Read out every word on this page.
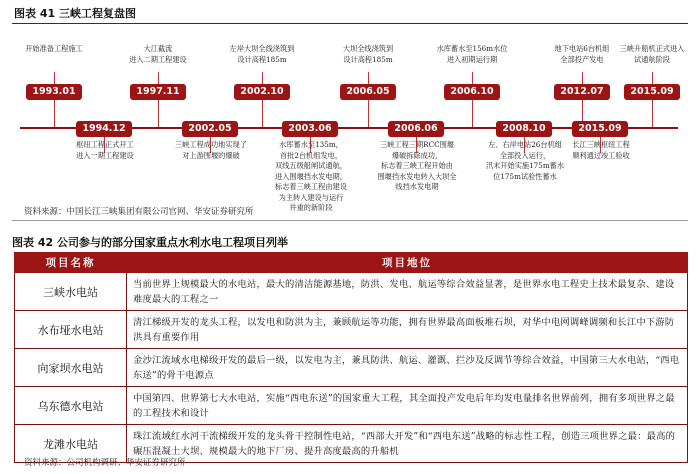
图表 41 三峡工程复盘图
开始准备工程施工
1993.01
大江截流
进入二期工程建设
1997.11
左岸大坝全线浇筑到
设计高程185m
2002.10
大坝全线浇筑到
设计高程185m
2006.05
水库蓄水至156m水位
进入初期运行期
2006.10
地下电站6台机组
全部投产发电
2012.07
三峡升船机正式进入
试通航阶段
2015.09
1994.12
枢纽工程正式开工
进入一期工程建设
2002.05
三峡工程成功地实现了
对上游围堰的爆破
2003.06
水库蓄水至135m，
首批2台机组发电，
双线五级船闸试通航，
进入围堰挡水发电期，
标志着三峡工程由建设
为主转入建设与运行
并重的新阶段
2006.06
三峡工程三期RCC围堰
爆破拆除成功，
标志着三峡工程开始由
围堰挡水发电转入大坝全
线挡水发电期
2008.10
左、右岸电站26台机组
全部投入运行，
汛末开始实施175m蓄水
位175m试验性蓄水
2015.09
长江三峡枢纽工程
顺利通过竣工验收
资料来源：中国长江三峡集团有限公司官网、华安证券研究所
图表 42 公司参与的部分国家重点水利水电工程项目列举
项目名称	项目地位
三峡水电站	当前世界上规模最大的水电站，最大的清洁能源基地，防洪、发电、航运等综合效益显著，是世界水电工程史上技术最复杂、建设难度最大的工程之一
水布垭水电站	清江梯级开发的龙头工程，以发电和防洪为主，兼顾航运等功能，拥有世界最高面板堆石坝，对华中电网调峰调频和长江中下游防洪具有重要作用
向家坝水电站	金沙江流域水电梯级开发的最后一级，以发电为主，兼具防洪、航运、灌溉、拦沙及反调节等综合效益，中国第三大水电站，“西电东送”的骨干电源点
乌东德水电站	中国第四、世界第七大水电站，实施“西电东送”的国家重大工程，其全面投产发电后年均发电量排名世界前列，拥有多项世界之最的工程技术和设计
龙滩水电站	珠江流域红水河干流梯级开发的龙头骨干控制性电站，“西部大开发”和“西电东送”战略的标志性工程，创造三项世界之最：最高的碾压混凝土大坝、规模最大的地下厂房、提升高度最高的升船机
资料来源：公司机构调研、华安证券研究所
